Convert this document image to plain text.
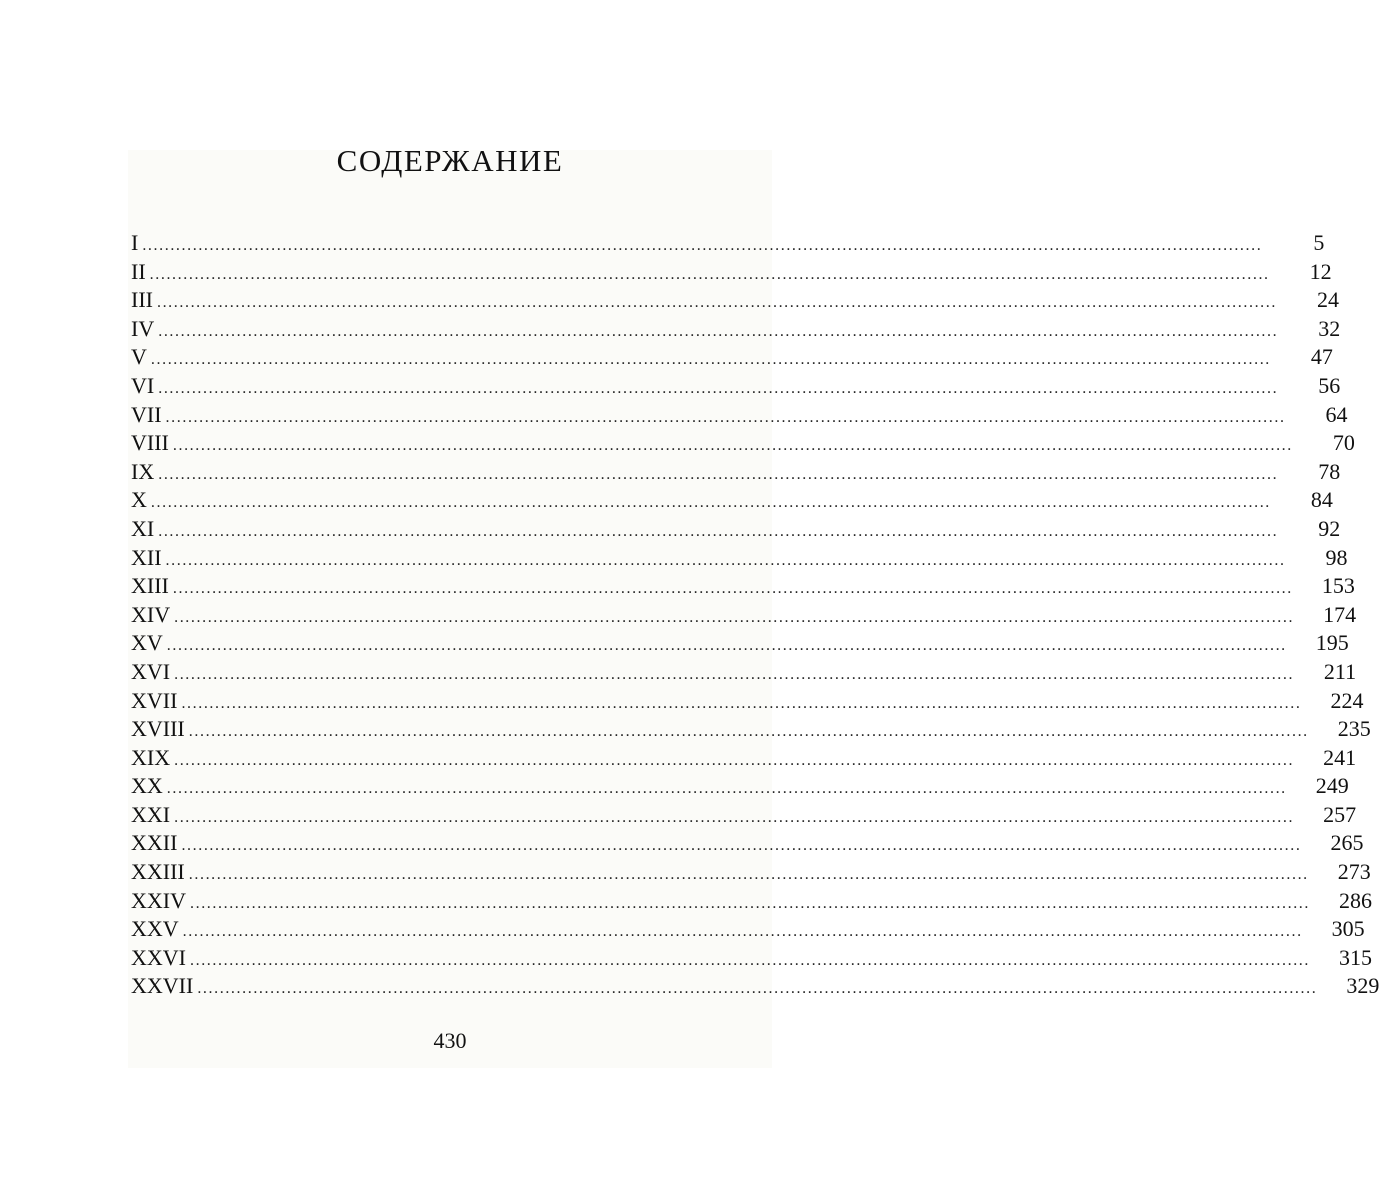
СОДЕРЖАНИЕ
I ........................................................................................................................................................................................................	5
II ........................................................................................................................................................................................................	12
III ........................................................................................................................................................................................................	24
IV ........................................................................................................................................................................................................	32
V ........................................................................................................................................................................................................	47
VI ........................................................................................................................................................................................................	56
VII ........................................................................................................................................................................................................	64
VIII ........................................................................................................................................................................................................	70
IX ........................................................................................................................................................................................................	78
X ........................................................................................................................................................................................................	84
XI ........................................................................................................................................................................................................	92
XII ........................................................................................................................................................................................................	98
XIII ........................................................................................................................................................................................................	153
XIV ........................................................................................................................................................................................................	174
XV ........................................................................................................................................................................................................	195
XVI ........................................................................................................................................................................................................	211
XVII ........................................................................................................................................................................................................	224
XVIII ........................................................................................................................................................................................................	235
XIX ........................................................................................................................................................................................................	241
XX ........................................................................................................................................................................................................	249
XXI ........................................................................................................................................................................................................	257
XXII ........................................................................................................................................................................................................	265
XXIII ........................................................................................................................................................................................................	273
XXIV ........................................................................................................................................................................................................	286
XXV ........................................................................................................................................................................................................	305
XXVI ........................................................................................................................................................................................................	315
XXVII ........................................................................................................................................................................................................	329
430
